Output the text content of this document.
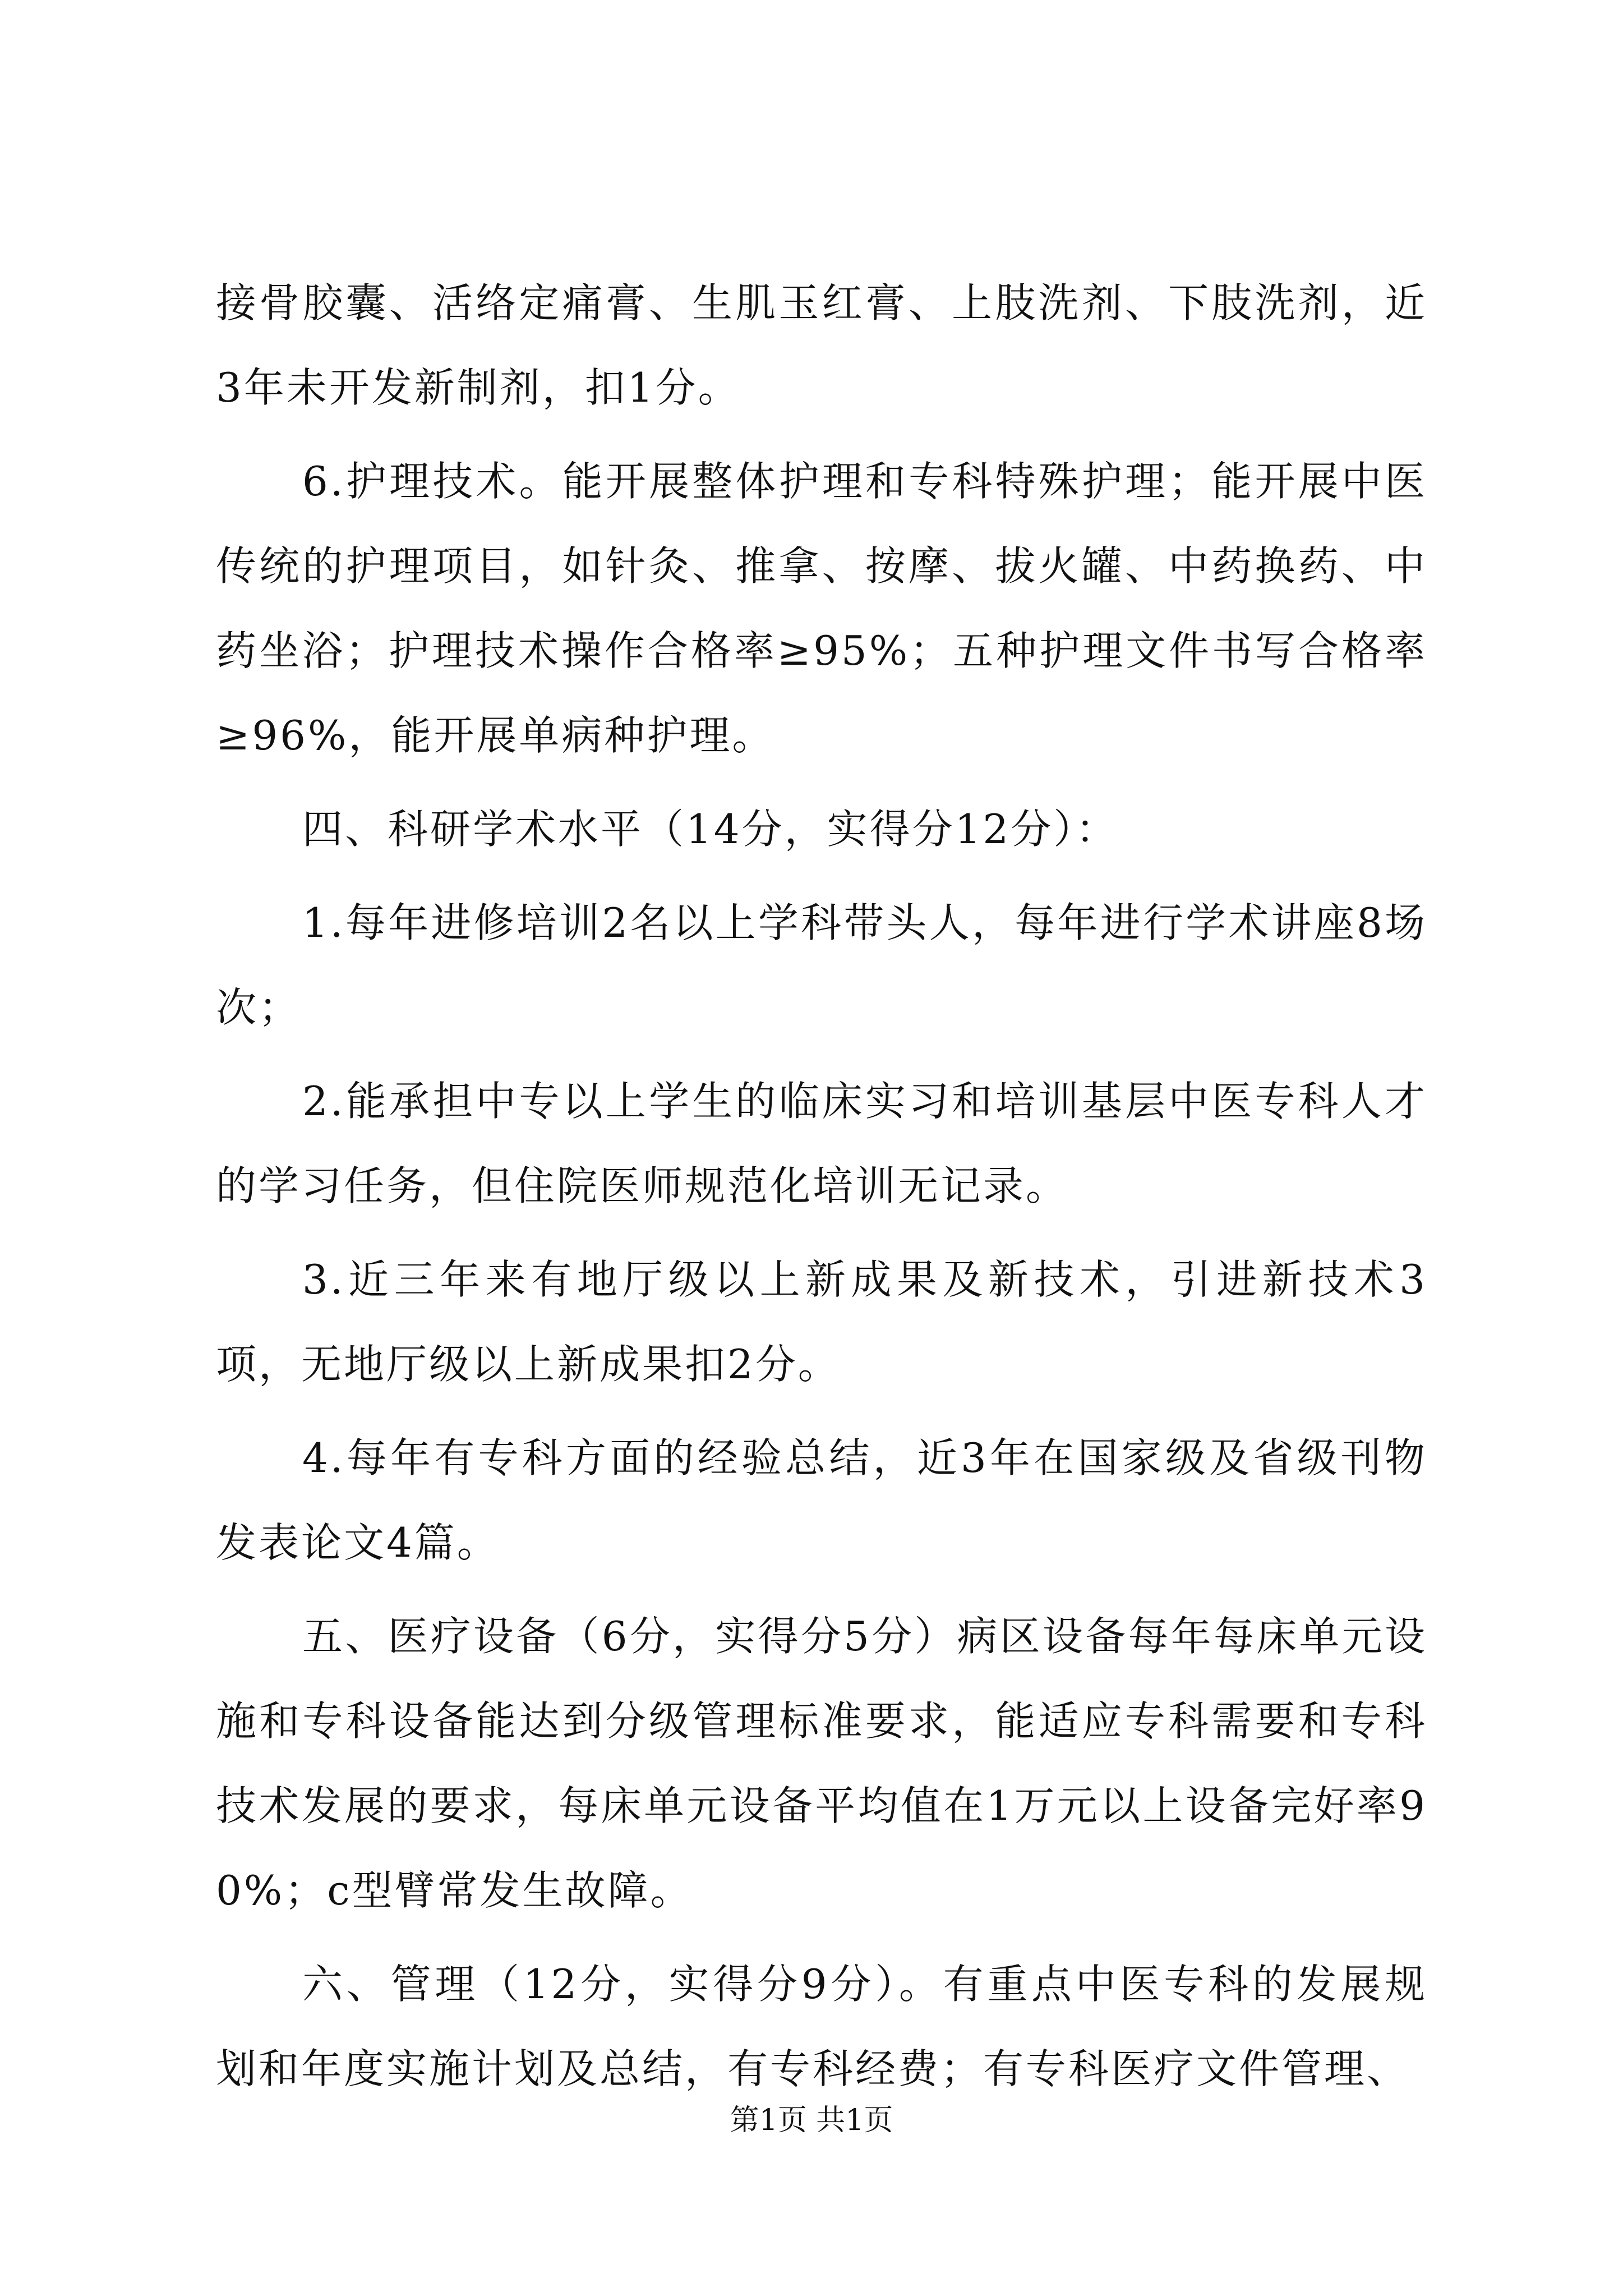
接骨胶囊、活络定痛膏、生肌玉红膏、上肢洗剂、下肢洗剂，近3年未开发新制剂，扣1分。

6.护理技术。能开展整体护理和专科特殊护理；能开展中医传统的护理项目，如针灸、推拿、按摩、拔火罐、中药换药、中药坐浴；护理技术操作合格率≥95%；五种护理文件书写合格率≥96%，能开展单病种护理。

四、科研学术水平（14分，实得分12分）：

1.每年进修培训2名以上学科带头人，每年进行学术讲座8场次；

2.能承担中专以上学生的临床实习和培训基层中医专科人才的学习任务，但住院医师规范化培训无记录。

3.近三年来有地厅级以上新成果及新技术，引进新技术3项，无地厅级以上新成果扣2分。

4.每年有专科方面的经验总结，近3年在国家级及省级刊物发表论文4篇。

五、医疗设备（6分，实得分5分）病区设备每年每床单元设施和专科设备能达到分级管理标准要求，能适应专科需要和专科技术发展的要求，每床单元设备平均值在1万元以上设备完好率90%；c型臂常发生故障。

六、管理（12分，实得分9分）。有重点中医专科的发展规划和年度实施计划及总结，有专科经费；有专科医疗文件管理、

第1页 共1页
